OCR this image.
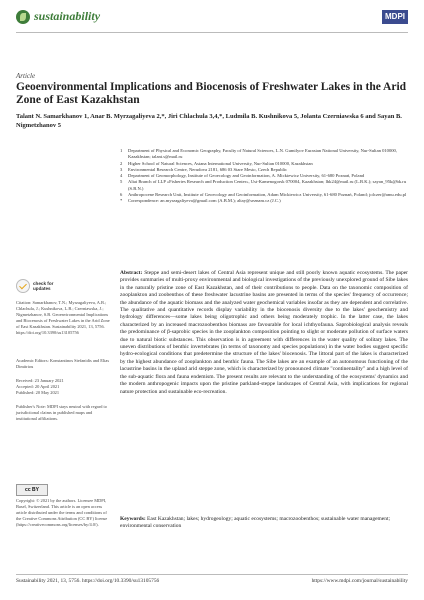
sustainability	MDPI
Article
Geoenvironmental Implications and Biocenosis of Freshwater Lakes in the Arid Zone of East Kazakhstan
Talant N. Samarkhanov 1, Anar B. Myrzagaliyeva 2,*, Jiri Chlachula 3,4,*, Ludmila B. Kushnikova 5, Jolanta Czerniawska 6 and Sayan B. Nigmetzhanov 5
1 Department of Physical and Economic Geography, Faculty of Natural Sciences, L.N. Gumilyov Eurasian National University, Nur-Sultan 010000, Kazakhstan; talant.s@mail.ru
2 Higher School of Natural Sciences, Astana International University, Nur-Sultan 010000, Kazakhstan
3 Environmental Research Centre, Nerudova 2181, 686 03 Stare Mesto, Czech Republic
4 Department of Geomorphology, Institute of Geoecology and Geoinformation, A. Mickiewicz University, 61-680 Poznań, Poland
5 Altai Branch of LLP «Fisheries Research and Production Center», Ust-Kamenogorsk 070004, Kazakhstan; lbk24@mail.ru (L.B.K.); sayan_95k@bk.ru (S.B.N.)
6 Anthropocene Research Unit, Institute of Geoecology and Geoinformation, Adam Mickiewicz University, 61-680 Poznań, Poland; jolczer@amu.edu.pl
* Correspondence: an.myrzagaliyeva@gmail.com (A.B.M.); altay@seznam.cz (J.C.)
check for
updates
Citation: Samarkhanov, T.N.; Myrzagaliyeva, A.B.; Chlachula, J.; Kushnikova, L.B.; Czerniawska, J.; Nigmetzhanov, S.B. Geoenvironmental Implications and Biocenosis of Freshwater Lakes in the Arid Zone of East Kazakhstan. Sustainability 2021, 13, 5756. https://doi.org/10.3390/su13105756
Academic Editors: Konstantinos Stefanidis and Elias Dimitriou
Received: 23 January 2021
Accepted: 20 April 2021
Published: 20 May 2021
Publisher's Note: MDPI stays neutral with regard to jurisdictional claims in published maps and institutional affiliations.
cc BY
Copyright: © 2021 by the authors. Licensee MDPI, Basel, Switzerland. This article is an open access article distributed under the terms and conditions of the Creative Commons Attribution (CC BY) license (https://creativecommons.org/licenses/by/4.0/).

Abstract: Steppe and semi-desert lakes of Central Asia represent unique and still poorly known aquatic ecosystems. The paper provides summaries of multi-proxy environmental and biological investigations of the previously unexplored ground of Sibe lakes in the naturally pristine zone of East Kazakhstan, and of their contributions to people. Data on the taxonomic composition of zooplankton and zoobenthos of these freshwater lacustrine basins are presented in terms of the species' frequency of occurrence; the abundance of the aquatic biomass and the analyzed water geochemical variables insofar as they are dependent and correlative. The qualitative and quantitative records display variability in the biocenosis diversity due to the lakes' geochemistry and hydrology differences—some lakes being oligotrophic and others being moderately trophic. In the latter case, the lakes characterized by an increased macrozoobenthos biomass are favourable for local ichthyofauna. Saprobiological analysis reveals the predominance of β-saprobic species in the zooplankton composition pointing to slight or moderate pollution of surface waters due to natural biotic substances. This observation is in agreement with differences in the water quality of solitary lakes. The uneven distributions of benthic invertebrates (in terms of taxonomy and species populations) in the water bodies suggest specific hydro-ecological conditions that predetermine the structure of the lakes' biocenosis. The littoral part of the lakes is characterized by the highest abundance of zooplankton and benthic fauna. The Sibe lakes are an example of an autonomous functioning of the lacustrine basins in the upland arid steppe zone, which is characterized by pronounced climate "continentality" and a high level of the sub-aquatic flora and fauna endemism. The present results are relevant to the understanding of the ecosystems' dynamics and the modern anthropogenic impacts upon the pristine parkland-steppe landscapes of Central Asia, with implications for regional nature protection and sustainable eco-recreation.

Keywords: East Kazakhstan; lakes; hydrogeology; aquatic ecosystems; macrozoobenthos; sustainable water management; environmental conservation

Sustainability 2021, 13, 5756. https://doi.org/10.3390/su13105756	https://www.mdpi.com/journal/sustainability
